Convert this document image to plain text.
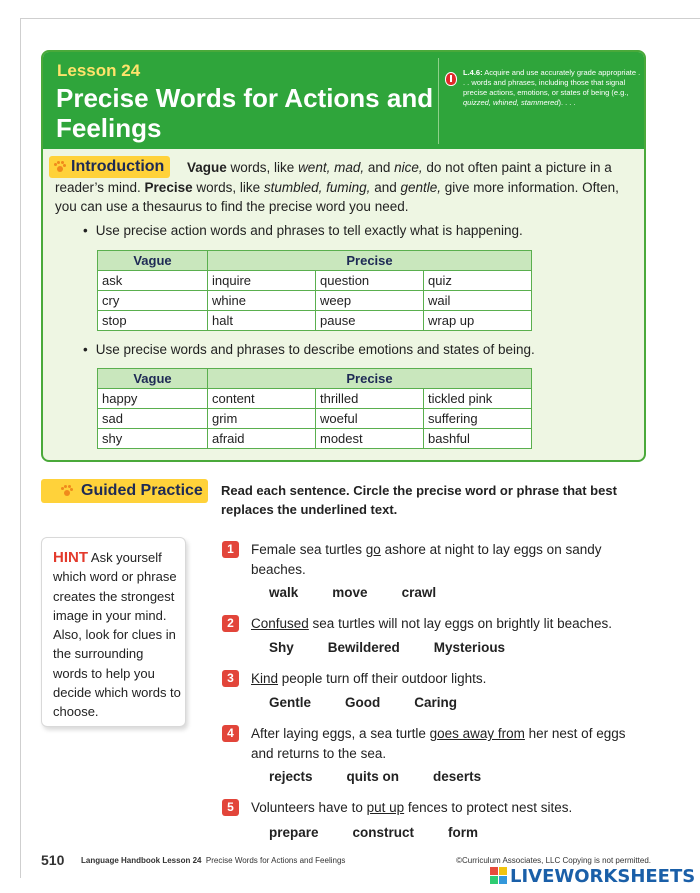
Lesson 24
Precise Words for Actions and Feelings
L.4.6: Acquire and use accurately grade appropriate . . . words and phrases, including those that signal precise actions, emotions, or states of being (e.g., quizzed, whined, stammered). . . .
Vague words, like went, mad, and nice, do not often paint a picture in a reader’s mind. Precise words, like stumbled, fuming, and gentle, give more information. Often, you can use a thesaurus to find the precise word you need.
Introduction
• Use precise action words and phrases to tell exactly what is happening.
Vague	Precise		
ask	inquire	question	quiz
cry	whine	weep	wail
stop	halt	pause	wrap up
• Use precise words and phrases to describe emotions and states of being.
Vague	Precise		
happy	content	thrilled	tickled pink
sad	grim	woeful	suffering
shy	afraid	modest	bashful
Guided Practice	Read each sentence. Circle the precise word or phrase that best replaces the underlined text.
HINT Ask yourself which word or phrase creates the strongest image in your mind. Also, look for clues in the surrounding words to help you decide which words to choose.
1	Female sea turtles go ashore at night to lay eggs on sandy beaches.
walk	move	crawl
2	Confused sea turtles will not lay eggs on brightly lit beaches.
Shy	Bewildered	Mysterious
3	Kind people turn off their outdoor lights.
Gentle	Good	Caring
4	After laying eggs, a sea turtle goes away from her nest of eggs and returns to the sea.
rejects	quits on	deserts
5	Volunteers have to put up fences to protect nest sites.
prepare	construct	form
510 Language Handbook Lesson 24 Precise Words for Actions and Feelings	©Curriculum Associates, LLC Copying is not permitted.
LIVEWORKSHEETS
